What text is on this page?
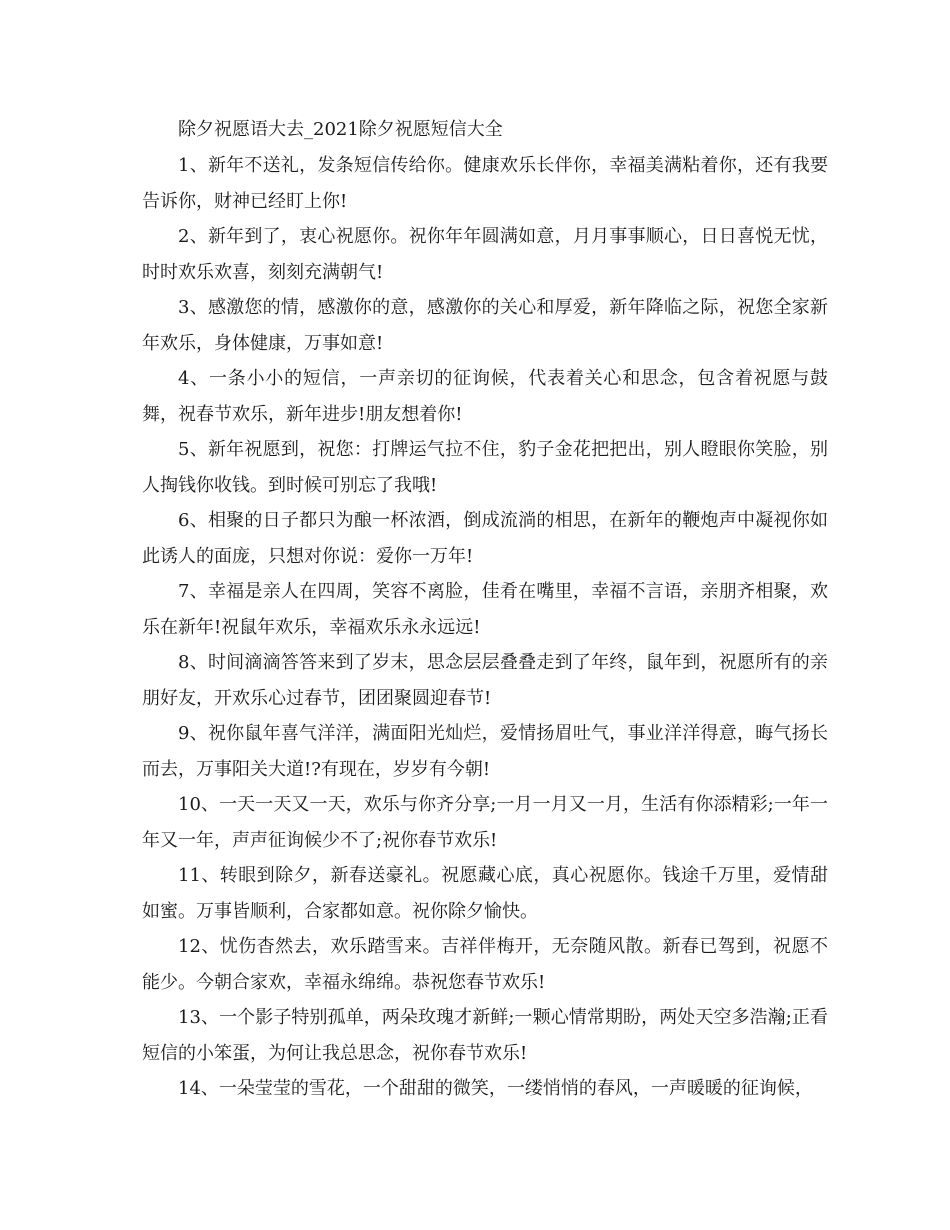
除夕祝愿语大去_2021除夕祝愿短信大全

1、新年不送礼，发条短信传给你。健康欢乐长伴你，幸福美满粘着你，还有我要告诉你，财神已经盯上你!

2、新年到了，衷心祝愿你。祝你年年圆满如意，月月事事顺心，日日喜悦无忧，时时欢乐欢喜，刻刻充满朝气!

3、感激您的情，感激你的意，感激你的关心和厚爱，新年降临之际，祝您全家新年欢乐，身体健康，万事如意!

4、一条小小的短信，一声亲切的征询候，代表着关心和思念，包含着祝愿与鼓舞，祝春节欢乐，新年进步!朋友想着你!

5、新年祝愿到，祝您：打牌运气拉不住，豹子金花把把出，别人瞪眼你笑脸，别人掏钱你收钱。到时候可别忘了我哦!

6、相聚的日子都只为酿一杯浓酒，倒成流淌的相思，在新年的鞭炮声中凝视你如此诱人的面庞，只想对你说：爱你一万年!

7、幸福是亲人在四周，笑容不离脸，佳肴在嘴里，幸福不言语，亲朋齐相聚，欢乐在新年!祝鼠年欢乐，幸福欢乐永永远远!

8、时间滴滴答答来到了岁末，思念层层叠叠走到了年终，鼠年到，祝愿所有的亲朋好友，开欢乐心过春节，团团聚圆迎春节!

9、祝你鼠年喜气洋洋，满面阳光灿烂，爱情扬眉吐气，事业洋洋得意，晦气扬长而去，万事阳关大道!?有现在，岁岁有今朝!

10、一天一天又一天，欢乐与你齐分享;一月一月又一月，生活有你添精彩;一年一年又一年，声声征询候少不了;祝你春节欢乐!

11、转眼到除夕，新春送豪礼。祝愿藏心底，真心祝愿你。钱途千万里，爱情甜如蜜。万事皆顺利，合家都如意。祝你除夕愉快。

12、忧伤杳然去，欢乐踏雪来。吉祥伴梅开，无奈随风散。新春已驾到，祝愿不能少。今朝合家欢，幸福永绵绵。恭祝您春节欢乐!

13、一个影子特别孤单，两朵玫瑰才新鲜;一颗心情常期盼，两处天空多浩瀚;正看短信的小笨蛋，为何让我总思念，祝你春节欢乐!

14、一朵莹莹的雪花，一个甜甜的微笑，一缕悄悄的春风，一声暖暖的征询候，
